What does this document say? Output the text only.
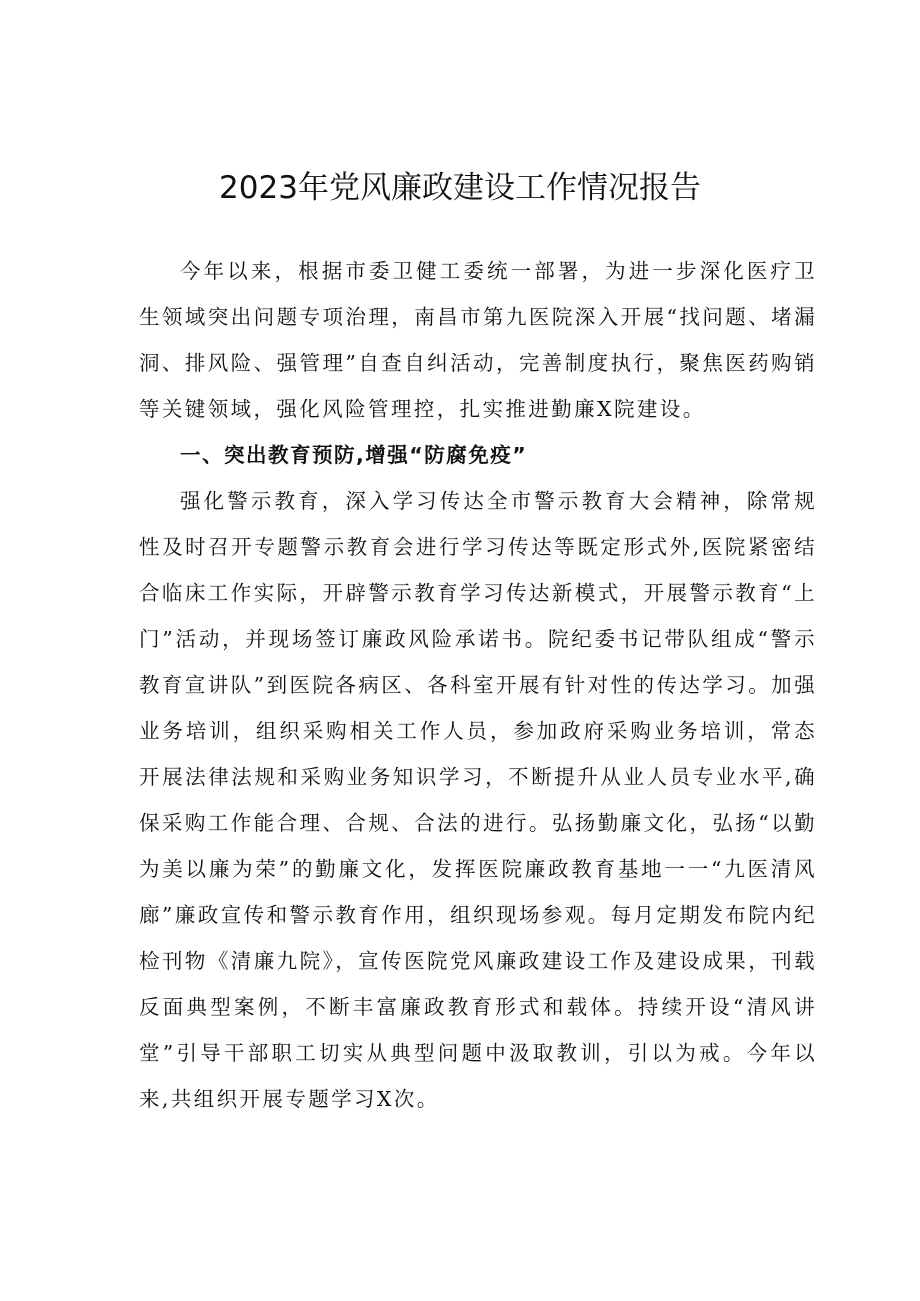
2023年党风廉政建设工作情况报告

今年以来，根据市委卫健工委统一部署，为进一步深化医疗卫生领域突出问题专项治理，南昌市第九医院深入开展“找问题、堵漏洞、排风险、强管理”自查自纠活动，完善制度执行，聚焦医药购销等关键领域，强化风险管理控，扎实推进勤廉X院建设。

一、突出教育预防,增强“防腐免疫”

强化警示教育，深入学习传达全市警示教育大会精神，除常规性及时召开专题警示教育会进行学习传达等既定形式外,医院紧密结合临床工作实际，开辟警示教育学习传达新模式，开展警示教育“上门”活动，并现场签订廉政风险承诺书。院纪委书记带队组成“警示教育宣讲队”到医院各病区、各科室开展有针对性的传达学习。加强业务培训，组织采购相关工作人员，参加政府采购业务培训，常态开展法律法规和采购业务知识学习，不断提升从业人员专业水平,确保采购工作能合理、合规、合法的进行。弘扬勤廉文化，弘扬“以勤为美以廉为荣”的勤廉文化，发挥医院廉政教育基地一一“九医清风廊”廉政宣传和警示教育作用，组织现场参观。每月定期发布院内纪检刊物《清廉九院》，宣传医院党风廉政建设工作及建设成果，刊载反面典型案例，不断丰富廉政教育形式和载体。持续开设“清风讲堂”引导干部职工切实从典型问题中汲取教训，引以为戒。今年以来,共组织开展专题学习X次。
